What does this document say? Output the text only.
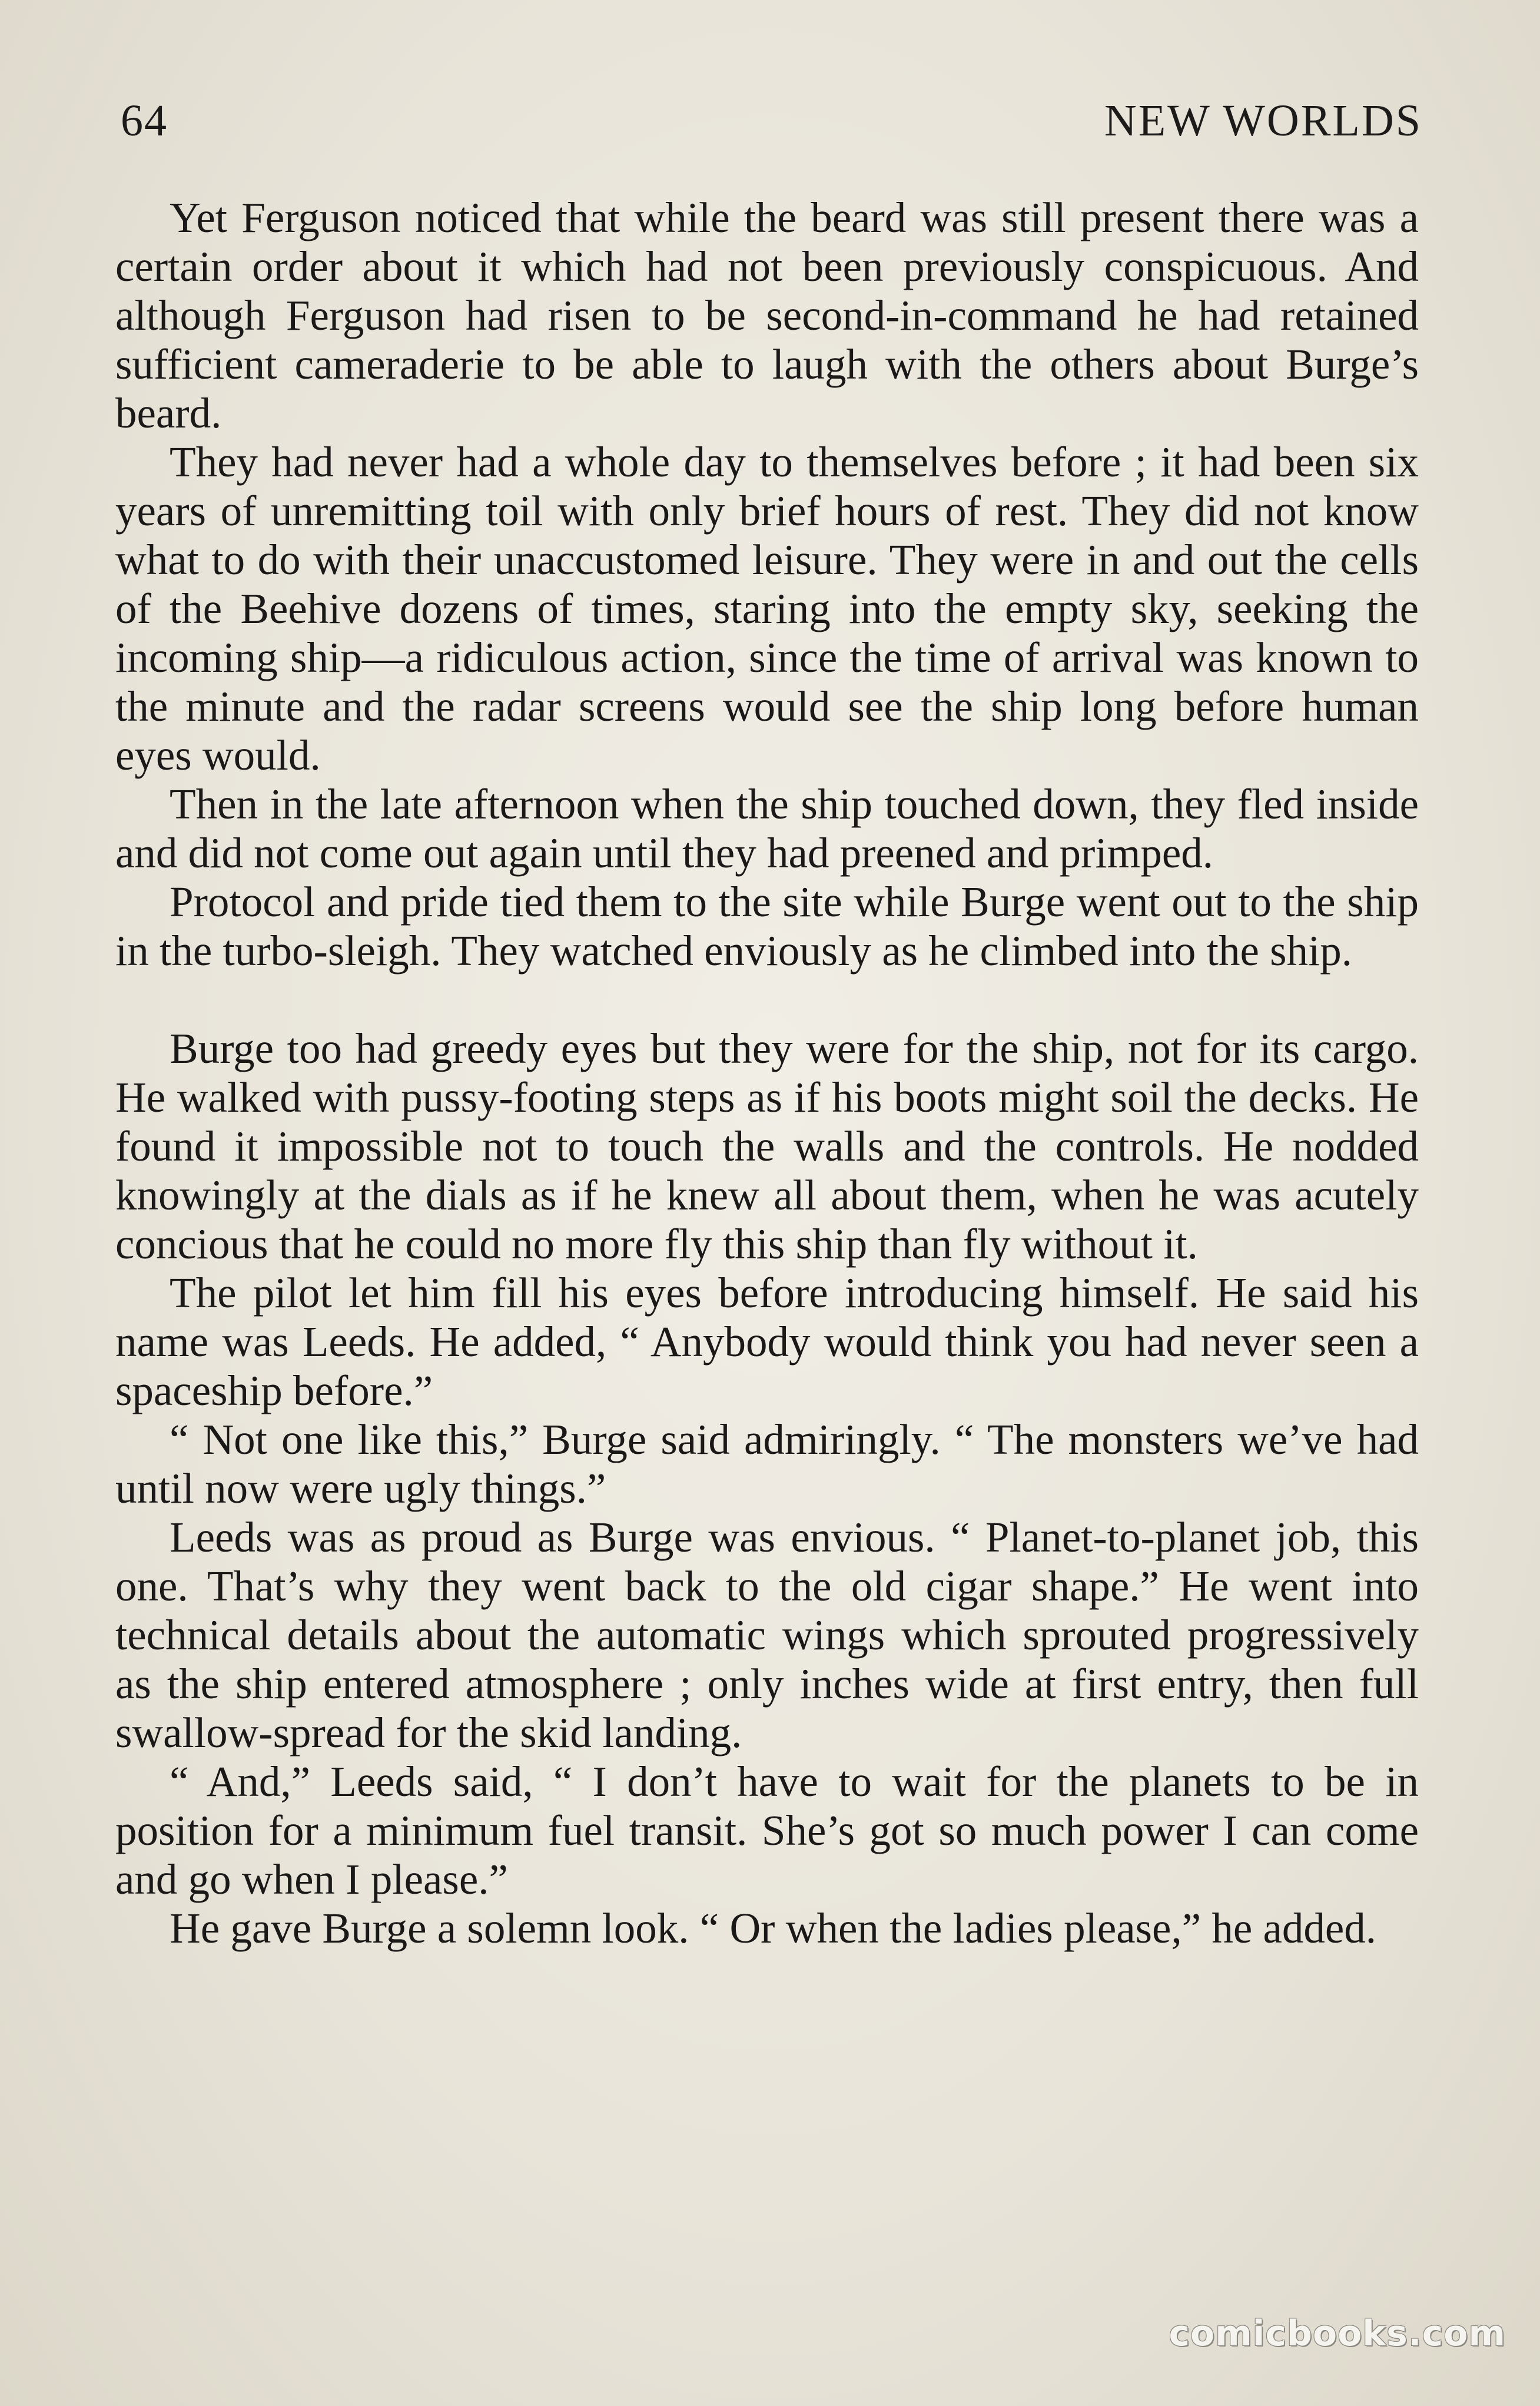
64	NEW WORLDS

Yet Ferguson noticed that while the beard was still present there was a certain order about it which had not been previously conspicuous. And although Ferguson had risen to be second-in-command he had retained sufficient cameraderie to be able to laugh with the others about Burge’s beard.

They had never had a whole day to themselves before ; it had been six years of unremitting toil with only brief hours of rest. They did not know what to do with their unaccustomed leisure. They were in and out the cells of the Beehive dozens of times, staring into the empty sky, seeking the incoming ship—a ridiculous action, since the time of arrival was known to the minute and the radar screens would see the ship long before human eyes would.

Then in the late afternoon when the ship touched down, they fled inside and did not come out again until they had preened and primped.

Protocol and pride tied them to the site while Burge went out to the ship in the turbo-sleigh. They watched enviously as he climbed into the ship.

Burge too had greedy eyes but they were for the ship, not for its cargo. He walked with pussy-footing steps as if his boots might soil the decks. He found it impossible not to touch the walls and the controls. He nodded knowingly at the dials as if he knew all about them, when he was acutely concious that he could no more fly this ship than fly without it.

The pilot let him fill his eyes before introducing himself. He said his name was Leeds. He added, “ Anybody would think you had never seen a spaceship before.”

“ Not one like this,” Burge said admiringly. “ The monsters we’ve had until now were ugly things.”

Leeds was as proud as Burge was envious. “ Planet-to-planet job, this one. That’s why they went back to the old cigar shape.” He went into technical details about the automatic wings which sprouted progressively as the ship entered atmosphere ; only inches wide at first entry, then full swallow-spread for the skid landing.

“ And,” Leeds said, “ I don’t have to wait for the planets to be in position for a minimum fuel transit. She’s got so much power I can come and go when I please.”

He gave Burge a solemn look. “ Or when the ladies please,” he added.

comicbooks.com
